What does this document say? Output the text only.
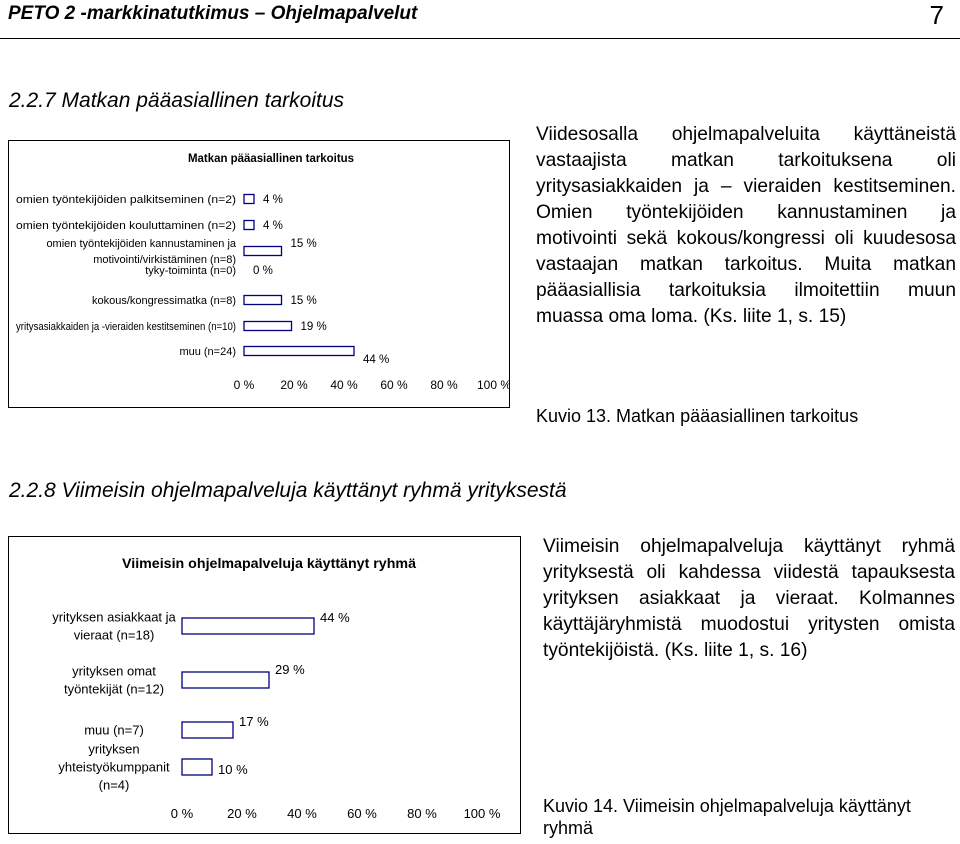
PETO 2 -markkinatutkimus – Ohjelmapalvelut	7
2.2.7 Matkan pääasiallinen tarkoitus
Matkan pääasiallinen tarkoitus
omien työntekijöiden palkitseminen (n=2) 4 %
omien työntekijöiden kouluttaminen (n=2) 4 %
omien työntekijöiden kannustaminen ja
motivointi/virkistäminen (n=8)
15 %
tyky-toiminta (n=0) 0 %
kokous/kongressimatka (n=8)	15 %
yritysasiakkaiden ja -vieraiden kestitseminen (n=10)	19 %
muu (n=24)
44 %
0 % 20 % 40 % 60 % 80 % 100 %
Viidesosalla ohjelmapalveluita käyttäneistä vastaajista matkan tarkoituksena oli yritysasiakkaiden ja – vieraiden kestitseminen. Omien työntekijöiden kannustaminen ja motivointi sekä kokous/kongressi oli kuudesosa vastaajan matkan tarkoitus. Muita matkan pääasiallisia tarkoituksia ilmoitettiin muun muassa oma loma. (Ks. liite 1, s. 15)
Kuvio 13. Matkan pääasiallinen tarkoitus
2.2.8 Viimeisin ohjelmapalveluja käyttänyt ryhmä yrityksestä
Viimeisin ohjelmapalveluja käyttänyt ryhmä
yrityksen asiakkaat ja
vieraat (n=18)
44 %
yrityksen omat
työntekijät (n=12)
29 %
muu (n=7)
17 %
yrityksen
yhteistyökumppanit
(n=4)
10 %
0 %	20 % 40 % 60 % 80 % 100 %
Viimeisin ohjelmapalveluja käyttänyt ryhmä yrityksestä oli kahdessa viidestä tapauksesta yrityksen asiakkaat ja vieraat. Kolmannes käyttäjäryhmistä muodostui yritysten omista työntekijöistä. (Ks. liite 1, s. 16)
Kuvio 14. Viimeisin ohjelmapalveluja käyttänyt ryhmä
